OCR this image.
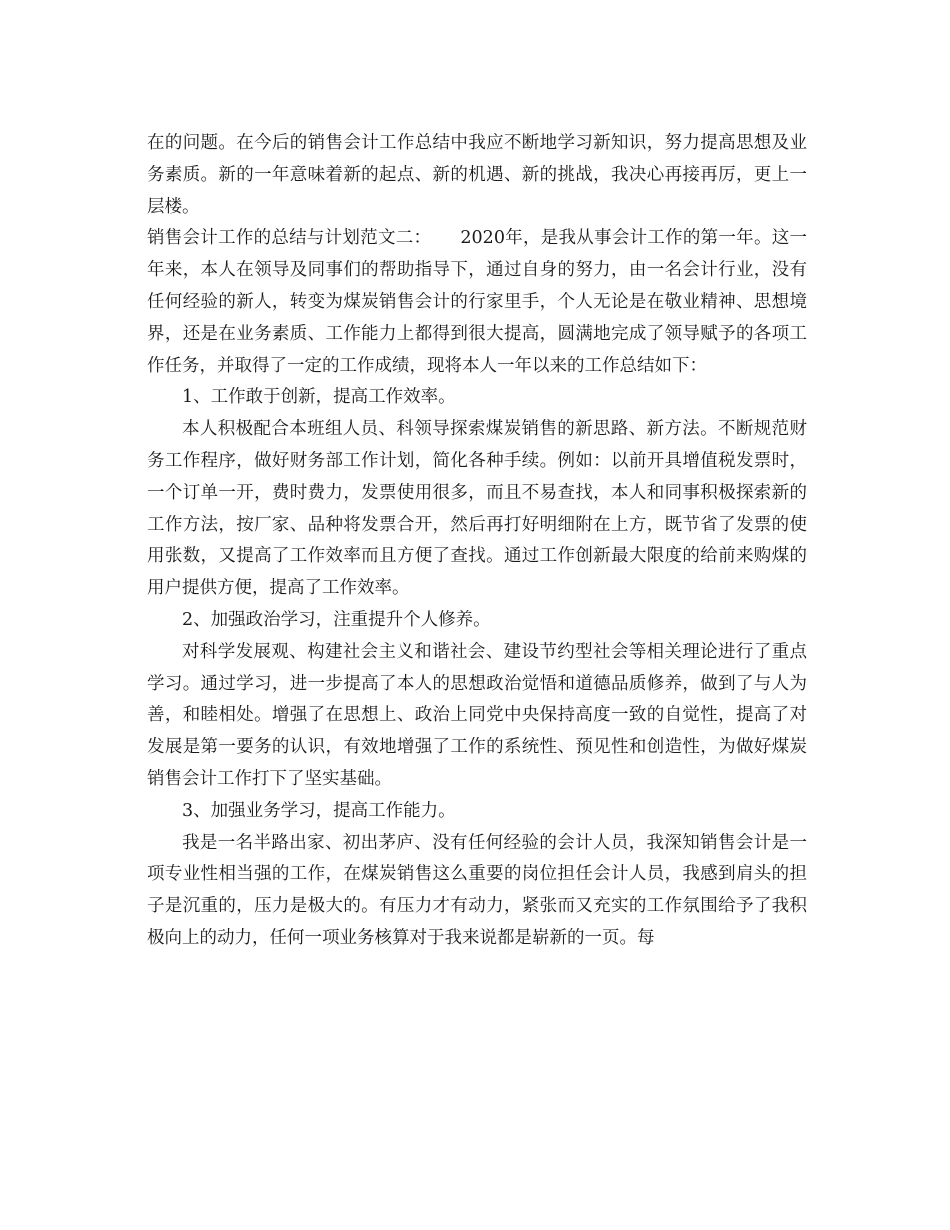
在的问题。在今后的销售会计工作总结中我应不断地学习新知识，努力提高思想及业务素质。新的一年意味着新的起点、新的机遇、新的挑战，我决心再接再厉，更上一层楼。

销售会计工作的总结与计划范文二：     2020年，是我从事会计工作的第一年。这一年来，本人在领导及同事们的帮助指导下，通过自身的努力，由一名会计行业，没有任何经验的新人，转变为煤炭销售会计的行家里手，个人无论是在敬业精神、思想境界，还是在业务素质、工作能力上都得到很大提高，圆满地完成了领导赋予的各项工作任务，并取得了一定的工作成绩，现将本人一年以来的工作总结如下：

1、工作敢于创新，提高工作效率。

本人积极配合本班组人员、科领导探索煤炭销售的新思路、新方法。不断规范财务工作程序，做好财务部工作计划，简化各种手续。例如：以前开具增值税发票时，一个订单一开，费时费力，发票使用很多，而且不易查找，本人和同事积极探索新的工作方法，按厂家、品种将发票合开，然后再打好明细附在上方，既节省了发票的使用张数，又提高了工作效率而且方便了查找。通过工作创新最大限度的给前来购煤的用户提供方便，提高了工作效率。

2、加强政治学习，注重提升个人修养。

对科学发展观、构建社会主义和谐社会、建设节约型社会等相关理论进行了重点学习。通过学习，进一步提高了本人的思想政治觉悟和道德品质修养，做到了与人为善，和睦相处。增强了在思想上、政治上同党中央保持高度一致的自觉性，提高了对发展是第一要务的认识，有效地增强了工作的系统性、预见性和创造性，为做好煤炭销售会计工作打下了坚实基础。

3、加强业务学习，提高工作能力。

我是一名半路出家、初出茅庐、没有任何经验的会计人员，我深知销售会计是一项专业性相当强的工作，在煤炭销售这么重要的岗位担任会计人员，我感到肩头的担子是沉重的，压力是极大的。有压力才有动力，紧张而又充实的工作氛围给予了我积极向上的动力，任何一项业务核算对于我来说都是崭新的一页。每
